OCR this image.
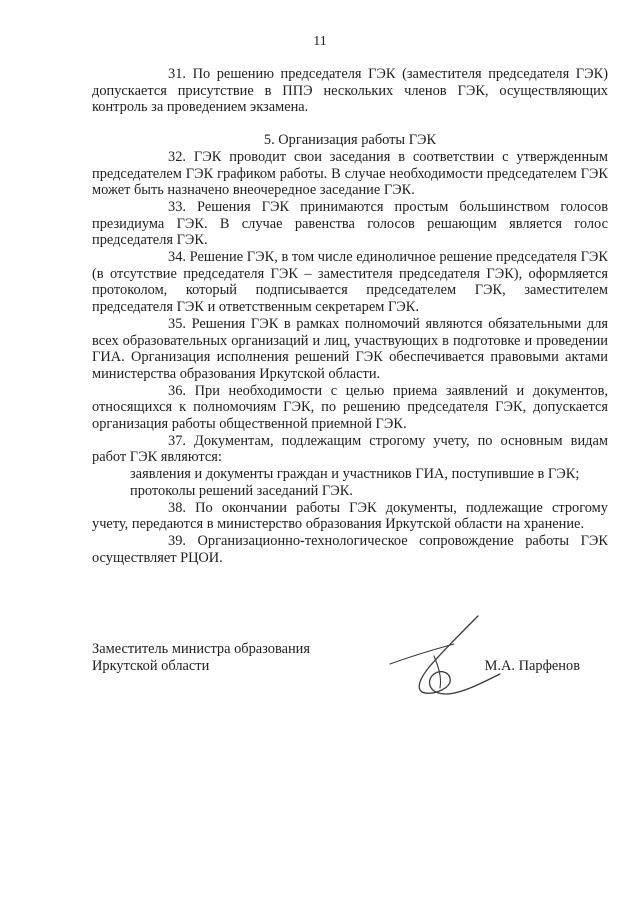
11

31. По решению председателя ГЭК (заместителя председателя ГЭК) допускается присутствие в ППЭ нескольких членов ГЭК, осуществляющих контроль за проведением экзамена.

5. Организация работы ГЭК

32. ГЭК проводит свои заседания в соответствии с утвержденным председателем ГЭК графиком работы. В случае необходимости председателем ГЭК может быть назначено внеочередное заседание ГЭК.

33. Решения ГЭК принимаются простым большинством голосов президиума ГЭК. В случае равенства голосов решающим является голос председателя ГЭК.

34. Решение ГЭК, в том числе единоличное решение председателя ГЭК (в отсутствие председателя ГЭК – заместителя председателя ГЭК), оформляется протоколом, который подписывается председателем ГЭК, заместителем председателя ГЭК и ответственным секретарем ГЭК.

35. Решения ГЭК в рамках полномочий являются обязательными для всех образовательных организаций и лиц, участвующих в подготовке и проведении ГИА. Организация исполнения решений ГЭК обеспечивается правовыми актами министерства образования Иркутской области.

36. При необходимости с целью приема заявлений и документов, относящихся к полномочиям ГЭК, по решению председателя ГЭК, допускается организация работы общественной приемной ГЭК.

37. Документам, подлежащим строгому учету, по основным видам работ ГЭК являются:

заявления и документы граждан и участников ГИА, поступившие в ГЭК;

протоколы решений заседаний ГЭК.

38. По окончании работы ГЭК документы, подлежащие строгому учету, передаются в министерство образования Иркутской области на хранение.

39. Организационно-технологическое сопровождение работы ГЭК осуществляет РЦОИ.

Заместитель министра образования

Иркутской области	М.А. Парфенов
